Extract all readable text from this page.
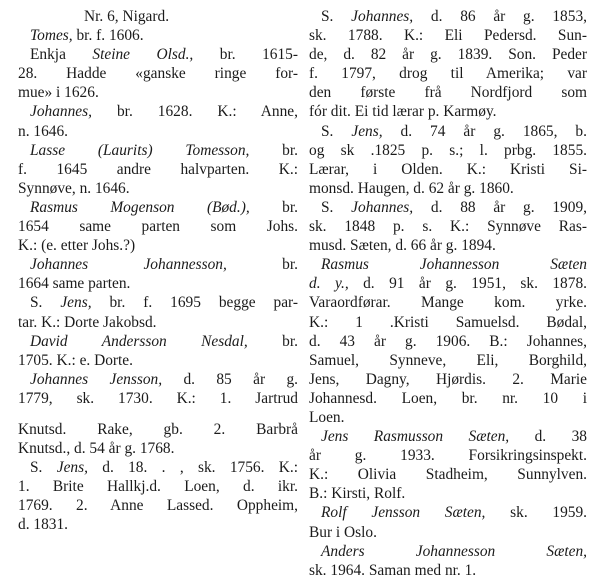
Nr. 6, Nigard.
Tomes, br. f. 1606.
Enkja Steine Olsd., br. 1615-
28. Hadde «ganske ringe for-
mue» i 1626.
Johannes, br. 1628. K.: Anne,
n. 1646.
Lasse (Laurits) Tomesson, br.
f. 1645 andre halvparten. K.:
Synnøve, n. 1646.
Rasmus Mogenson (Bød.), br.
1654 same parten som Johs.
K.: (e. etter Johs.?)
Johannes Johannesson, br.
1664 same parten.
S. Jens, br. f. 1695 begge par-
tar. K.: Dorte Jakobsd.
David Andersson Nesdal, br.
1705. K.: e. Dorte.
Johannes Jensson, d. 85 år g.
1779, sk. 1730. K.: 1. Jartrud
Knutsd. Rake, gb. 2. Barbrå
Knutsd., d. 54 år g. 1768.
S. Jens, d. 18. . , sk. 1756. K.:
1. Brite Hallkj.d. Loen, d. ikr.
1769. 2. Anne Lassed. Oppheim,
d. 1831.
S. Johannes, d. 86 år g. 1853,
sk. 1788. K.: Eli Pedersd. Sun-
de, d. 82 år g. 1839. Son. Peder
f. 1797, drog til Amerika; var
den første frå Nordfjord som
fór dit. Ei tid lærar p. Karmøy.
S. Jens, d. 74 år g. 1865, b.
og sk .1825 p. s.; l. prbg. 1855.
Lærar, i Olden. K.: Kristi Si-
monsd. Haugen, d. 62 år g. 1860.
S. Johannes, d. 88 år g. 1909,
sk. 1848 p. s. K.: Synnøve Ras-
musd. Sæten, d. 66 år g. 1894.
Rasmus Johannesson Sæten
d. y., d. 91 år g. 1951, sk. 1878.
Varaordførar. Mange kom. yrke.
K.: 1 .Kristi Samuelsd. Bødal,
d. 43 år g. 1906. B.: Johannes,
Samuel, Synneve, Eli, Borghild,
Jens, Dagny, Hjørdis. 2. Marie
Johannesd. Loen, br. nr. 10 i
Loen.
Jens Rasmusson Sæten, d. 38
år g. 1933. Forsikringsinspekt.
K.: Olivia Stadheim, Sunnylven.
B.: Kirsti, Rolf.
Rolf Jensson Sæten, sk. 1959.
Bur i Oslo.
Anders Johannesson Sæten,
sk. 1964. Saman med nr. 1.
